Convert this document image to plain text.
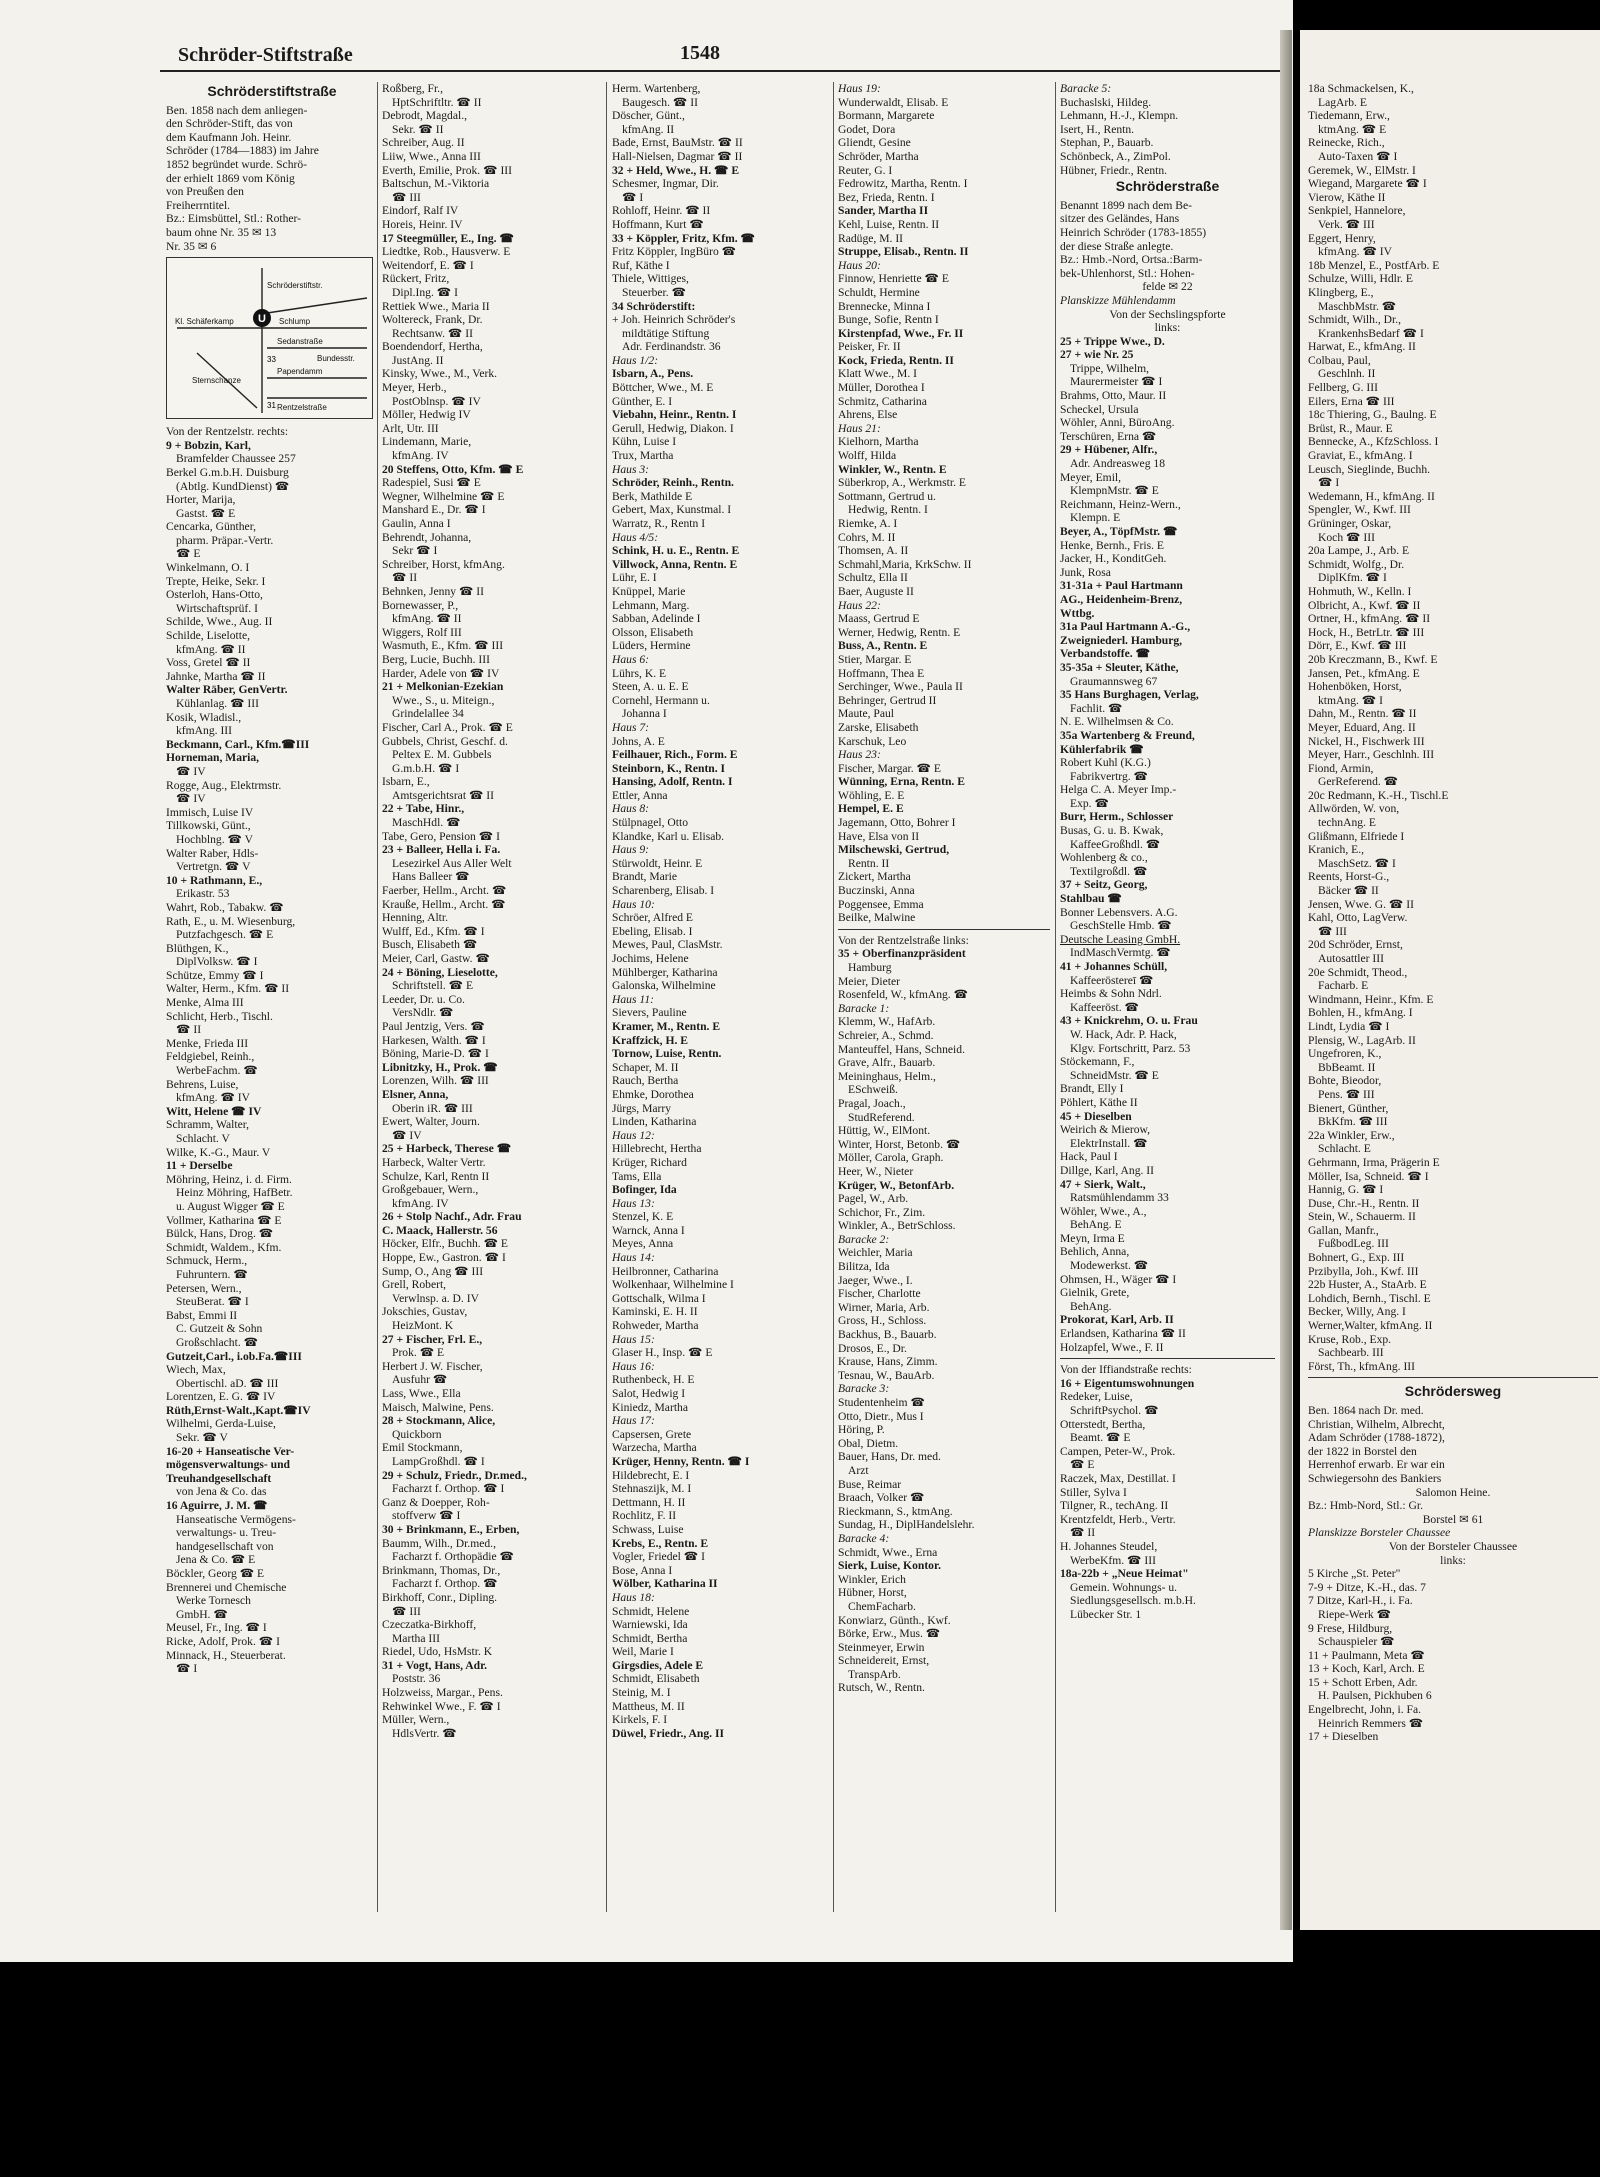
Schröder-Stiftstraße	1548
Schröderstiftstraße
Ben. 1858 nach dem anliegen-
den Schröder-Stift, das von
dem Kaufmann Joh. Heinr.
Schröder (1784—1883) im Jahre
1852 begründet wurde. Schrö-
der erhielt 1869 vom König
von Preußen den
Freiherrntitel.
Bz.: Eimsbüttel, Stl.: Rother-
baum ohne Nr. 35 ✉ 13
Nr. 35 ✉ 6
U
Kl. Schäferkamp
Schröderstiftstr.
Schlump
Sedanstraße
Papendamm
Bundesstr.
Rentzelstraße
Sternschanze
33
31
Von der Rentzelstr. rechts:
9 + Bobzin, Karl,
Bramfelder Chaussee 257
Berkel G.m.b.H. Duisburg
(Abtlg. KundDienst) ☎
Horter, Marija,
Gastst. ☎ E
Cencarka, Günther,
pharm. Präpar.-Vertr.
☎ E
Winkelmann, O. I
Trepte, Heike, Sekr. I
Osterloh, Hans-Otto,
Wirtschaftsprüf. I
Schilde, Wwe., Aug. II
Schilde, Liselotte,
kfmAng. ☎ II
Voss, Gretel ☎ II
Jahnke, Martha ☎ II
Walter Räber, GenVertr.
Kühlanlag. ☎ III
Kosik, Wladisl.,
kfmAng. III
Beckmann, Carl., Kfm.☎III
Horneman, Maria,
☎ IV
Rogge, Aug., Elektrmstr.
☎ IV
Immisch, Luise IV
Tillkowski, Günt.,
Hochblng. ☎ V
Walter Raber, Hdls-
Vertretgn. ☎ V
10 + Rathmann, E.,
Erikastr. 53
Wahrt, Rob., Tabakw. ☎
Rath, E., u. M. Wiesenburg,
Putzfachgesch. ☎ E
Blüthgen, K.,
DiplVolksw. ☎ I
Schütze, Emmy ☎ I
Walter, Herm., Kfm. ☎ II
Menke, Alma III
Schlicht, Herb., Tischl.
☎ II
Menke, Frieda III
Feldgiebel, Reinh.,
WerbeFachm. ☎
Behrens, Luise,
kfmAng. ☎ IV
Witt, Helene ☎ IV
Schramm, Walter,
Schlacht. V
Wilke, K.-G., Maur. V
11 + Derselbe
Möhring, Heinz, i. d. Firm.
Heinz Möhring, HafBetr.
u. August Wigger ☎ E
Vollmer, Katharina ☎ E
Bülck, Hans, Drog. ☎
Schmidt, Waldem., Kfm.
Schmuck, Herm.,
Fuhruntern. ☎
Petersen, Wern.,
SteuBerat. ☎ I
Babst, Emmi II
C. Gutzeit & Sohn
Großschlacht. ☎
Gutzeit,Carl., i.ob.Fa.☎III
Wiech, Max,
Obertischl. aD. ☎ III
Lorentzen, E. G. ☎ IV
Rüth,Ernst-Walt.,Kapt.☎IV
Wilhelmi, Gerda-Luise,
Sekr. ☎ V
16-20 + Hanseatische Ver-
mögensverwaltungs- und
Treuhandgesellschaft
von Jena & Co. das
16 Aguirre, J. M. ☎
Hanseatische Vermögens-
verwaltungs- u. Treu-
handgesellschaft von
Jena & Co. ☎ E
Böckler, Georg ☎ E
Brennerei und Chemische
Werke Tornesch
GmbH. ☎
Meusel, Fr., Ing. ☎ I
Ricke, Adolf, Prok. ☎ I
Minnack, H., Steuerberat.
☎ I
Roßberg, Fr.,
HptSchriftltr. ☎ II
Debrodt, Magdal.,
Sekr. ☎ II
Schreiber, Aug. II
Liiw, Wwe., Anna III
Everth, Emilie, Prok. ☎ III
Baltschun, M.-Viktoria
☎ III
Eindorf, Ralf IV
Horeis, Heinr. IV
17 Steegmüller, E., Ing. ☎
Liedtke, Rob., Hausverw. E
Weitendorf, E. ☎ I
Rückert, Fritz,
Dipl.Ing. ☎ I
Rettiek Wwe., Maria II
Woltereck, Frank, Dr.
Rechtsanw. ☎ II
Boendendorf, Hertha,
JustAng. II
Kinsky, Wwe., M., Verk.
Meyer, Herb.,
PostOblnsp. ☎ IV
Möller, Hedwig IV
Arlt, Utr. III
Lindemann, Marie,
kfmAng. IV
20 Steffens, Otto, Kfm. ☎ E
Radespiel, Susi ☎ E
Wegner, Wilhelmine ☎ E
Manshard E., Dr. ☎ I
Gaulin, Anna I
Behrendt, Johanna,
Sekr ☎ I
Schreiber, Horst, kfmAng.
☎ II
Behnken, Jenny ☎ II
Bornewasser, P.,
kfmAng. ☎ II
Wiggers, Rolf III
Wasmuth, E., Kfm. ☎ III
Berg, Lucie, Buchh. III
Harder, Adele von ☎ IV
21 + Melkonian-Ezekian
Wwe., S., u. Miteign.,
Grindelallee 34
Fischer, Carl A., Prok. ☎ E
Gubbels, Christ, Geschf. d.
Peltex E. M. Gubbels
G.m.b.H. ☎ I
Isbarn, E.,
Amtsgerichtsrat ☎ II
22 + Tabe, Hinr.,
MaschHdl. ☎
Tabe, Gero, Pension ☎ I
23 + Balleer, Hella i. Fa.
Lesezirkel Aus Aller Welt
Hans Balleer ☎
Faerber, Hellm., Archt. ☎
Krauße, Hellm., Archt. ☎
Henning, Altr.
Wulff, Ed., Kfm. ☎ I
Busch, Elisabeth ☎
Meier, Carl, Gastw. ☎
24 + Böning, Lieselotte,
Schriftstell. ☎ E
Leeder, Dr. u. Co.
VersNdlr. ☎
Paul Jentzig, Vers. ☎
Harkesen, Walth. ☎ I
Böning, Marie-D. ☎ I
Libnitzky, H., Prok. ☎
Lorenzen, Wilh. ☎ III
Elsner, Anna,
Oberin iR. ☎ III
Ewert, Walter, Journ.
☎ IV
25 + Harbeck, Therese ☎
Harbeck, Walter Vertr.
Schulze, Karl, Rentn II
Großgebauer, Wern.,
kfmAng. IV
26 + Stolp Nachf., Adr. Frau
C. Maack, Hallerstr. 56
Höcker, Elfr., Buchh. ☎ E
Hoppe, Ew., Gastron. ☎ I
Sump, O., Ang ☎ III
Grell, Robert,
Verwlnsp. a. D. IV
Jokschies, Gustav,
HeizMont. K
27 + Fischer, Frl. E.,
Prok. ☎ E
Herbert J. W. Fischer,
Ausfuhr ☎
Lass, Wwe., Ella
Maisch, Malwine, Pens.
28 + Stockmann, Alice,
Quickborn
Emil Stockmann,
LampGroßhdl. ☎ I
29 + Schulz, Friedr., Dr.med.,
Facharzt f. Orthop. ☎ I
Ganz & Doepper, Roh-
stoffverw ☎ I
30 + Brinkmann, E., Erben,
Baumm, Wilh., Dr.med.,
Facharzt f. Orthopädie ☎
Brinkmann, Thomas, Dr.,
Facharzt f. Orthop. ☎
Birkhoff, Conr., Dipling.
☎ III
Czeczatka-Birkhoff,
Martha III
Riedel, Udo, HsMstr. K
31 + Vogt, Hans, Adr.
Poststr. 36
Holzweiss, Margar., Pens.
Rehwinkel Wwe., F. ☎ I
Müller, Wern.,
HdlsVertr. ☎
Herm. Wartenberg,
Baugesch. ☎ II
Döscher, Günt.,
kfmAng. II
Bade, Ernst, BauMstr. ☎ II
Hall-Nielsen, Dagmar ☎ II
32 + Held, Wwe., H. ☎ E
Schesmer, Ingmar, Dir.
☎ I
Rohloff, Heinr. ☎ II
Hoffmann, Kurt ☎
33 + Köppler, Fritz, Kfm. ☎
Fritz Köppler, IngBüro ☎
Ruf, Käthe I
Thiele, Wittiges,
Steuerber. ☎
34 Schröderstift:
+ Joh. Heinrich Schröder's
mildtätige Stiftung
Adr. Ferdinandstr. 36
Haus 1/2:
Isbarn, A., Pens.
Böttcher, Wwe., M. E
Günther, E. I
Viebahn, Heinr., Rentn. I
Gerull, Hedwig, Diakon. I
Kühn, Luise I
Trux, Martha
Haus 3:
Schröder, Reinh., Rentn.
Berk, Mathilde E
Gebert, Max, Kunstmal. I
Warratz, R., Rentn I
Haus 4/5:
Schink, H. u. E., Rentn. E
Villwock, Anna, Rentn. E
Lühr, E. I
Knüppel, Marie
Lehmann, Marg.
Sabban, Adelinde I
Olsson, Elisabeth
Lüders, Hermine
Haus 6:
Lührs, K. E
Steen, A. u. E. E
Cornehl, Hermann u.
Johanna I
Haus 7:
Johns, A. E
Feilhauer, Rich., Form. E
Steinborn, K., Rentn. I
Hansing, Adolf, Rentn. I
Ettler, Anna
Haus 8:
Stülpnagel, Otto
Klandke, Karl u. Elisab.
Haus 9:
Stürwoldt, Heinr. E
Brandt, Marie
Scharenberg, Elisab. I
Haus 10:
Schröer, Alfred E
Ebeling, Elisab. I
Mewes, Paul, ClasMstr.
Jochims, Helene
Mühlberger, Katharina
Galonska, Wilhelmine
Haus 11:
Sievers, Pauline
Kramer, M., Rentn. E
Kraffzick, H. E
Tornow, Luise, Rentn.
Schaper, M. II
Rauch, Bertha
Ehmke, Dorothea
Jürgs, Marry
Linden, Katharina
Haus 12:
Hillebrecht, Hertha
Krüger, Richard
Tams, Ella
Bofinger, Ida
Haus 13:
Stenzel, K. E
Warnck, Anna I
Meyes, Anna
Haus 14:
Heilbronner, Catharina
Wolkenhaar, Wilhelmine I
Gottschalk, Wilma I
Kaminski, E. H. II
Rohweder, Martha
Haus 15:
Glaser H., Insp. ☎ E
Haus 16:
Ruthenbeck, H. E
Salot, Hedwig I
Kiniedz, Martha
Haus 17:
Capsersen, Grete
Warzecha, Martha
Krüger, Henny, Rentn. ☎ I
Hildebrecht, E. I
Stehnaszijk, M. I
Dettmann, H. II
Rochlitz, F. II
Schwass, Luise
Krebs, E., Rentn. E
Vogler, Friedel ☎ I
Bose, Anna I
Wölber, Katharina II
Haus 18:
Schmidt, Helene
Warniewski, Ida
Schmidt, Bertha
Weil, Marie I
Girgsdies, Adele E
Schmidt, Elisabeth
Steinig, M. I
Mattheus, M. II
Kirkels, F. I
Düwel, Friedr., Ang. II
Haus 19:
Wunderwaldt, Elisab. E
Bormann, Margarete
Godet, Dora
Gliendt, Gesine
Schröder, Martha
Reuter, G. I
Fedrowitz, Martha, Rentn. I
Bez, Frieda, Rentn. I
Sander, Martha II
Kehl, Luise, Rentn. II
Radüge, M. II
Struppe, Elisab., Rentn. II
Haus 20:
Finnow, Henriette ☎ E
Schuldt, Hermine
Brennecke, Minna I
Bunge, Sofie, Rentn I
Kirstenpfad, Wwe., Fr. II
Peisker, Fr. II
Kock, Frieda, Rentn. II
Klatt Wwe., M. I
Müller, Dorothea I
Schmitz, Catharina
Ahrens, Else
Haus 21:
Kielhorn, Martha
Wolff, Hilda
Winkler, W., Rentn. E
Süberkrop, A., Werkmstr. E
Sottmann, Gertrud u.
Hedwig, Rentn. I
Riemke, A. I
Cohrs, M. II
Thomsen, A. II
Schmahl,Maria, KrkSchw. II
Schultz, Ella II
Baer, Auguste II
Haus 22:
Maass, Gertrud E
Werner, Hedwig, Rentn. E
Buss, A., Rentn. E
Stier, Margar. E
Hoffmann, Thea E
Serchinger, Wwe., Paula II
Behringer, Gertrud II
Maute, Paul
Zarske, Elisabeth
Karschuk, Leo
Haus 23:
Fischer, Margar. ☎ E
Wünning, Erna, Rentn. E
Wöhling, E. E
Hempel, E. E
Jagemann, Otto, Bohrer I
Have, Elsa von II
Milschewski, Gertrud,
Rentn. II
Zickert, Martha
Buczinski, Anna
Poggensee, Emma
Beilke, Malwine
Von der Rentzelstraße links:
35 + Oberfinanzpräsident
Hamburg
Meier, Dieter
Rosenfeld, W., kfmAng. ☎
Baracke 1:
Klemm, W., HafArb.
Schreier, A., Schmd.
Manteuffel, Hans, Schneid.
Grave, Alfr., Bauarb.
Meininghaus, Helm.,
ESchweiß.
Pragal, Joach.,
StudReferend.
Hüttig, W., ElMont.
Winter, Horst, Betonb. ☎
Möller, Carola, Graph.
Heer, W., Nieter
Krüger, W., BetonfArb.
Pagel, W., Arb.
Schichor, Fr., Zim.
Winkler, A., BetrSchloss.
Baracke 2:
Weichler, Maria
Bilitza, Ida
Jaeger, Wwe., I.
Fischer, Charlotte
Wirner, Maria, Arb.
Gross, H., Schloss.
Backhus, B., Bauarb.
Drosos, E., Dr.
Krause, Hans, Zimm.
Tesnau, W., BauArb.
Baracke 3:
Studentenheim ☎
Otto, Dietr., Mus I
Höring, P.
Obal, Dietm.
Bauer, Hans, Dr. med.
Arzt
Buse, Reimar
Braach, Volker ☎
Rieckmann, S., ktmAng.
Sundag, H., DiplHandelslehr.
Baracke 4:
Schmidt, Wwe., Erna
Sierk, Luise, Kontor.
Winkler, Erich
Hübner, Horst,
ChemFacharb.
Konwiarz, Günth., Kwf.
Börke, Erw., Mus. ☎
Steinmeyer, Erwin
Schneidereit, Ernst,
TranspArb.
Rutsch, W., Rentn.
Baracke 5:
Buchaslski, Hildeg.
Lehmann, H.-J., Klempn.
Isert, H., Rentn.
Stephan, P., Bauarb.
Schönbeck, A., ZimPol.
Hübner, Friedr., Rentn.
Schröderstraße
Benannt 1899 nach dem Be-
sitzer des Geländes, Hans
Heinrich Schröder (1783-1855)
der diese Straße anlegte.
Bz.: Hmb.-Nord, Ortsa.:Barm-
bek-Uhlenhorst, Stl.: Hohen-
felde ✉ 22
Planskizze Mühlendamm
Von der Sechslingspforte
links:
25 + Trippe Wwe., D.
27 + wie Nr. 25
Trippe, Wilhelm,
Maurermeister ☎ I
Brahms, Otto, Maur. II
Scheckel, Ursula
Wöhler, Anni, BüroAng.
Terschüren, Erna ☎
29 + Hübener, Alfr.,
Adr. Andreasweg 18
Meyer, Emil,
KlempnMstr. ☎ E
Reichmann, Heinz-Wern.,
Klempn. E
Beyer, A., TöpfMstr. ☎
Henke, Bernh., Fris. E
Jacker, H., KonditGeh.
Junk, Rosa
31-31a + Paul Hartmann
AG., Heidenheim-Brenz,
Wttbg.
31a Paul Hartmann A.-G.,
Zweigniederl. Hamburg,
Verbandstoffe. ☎
35-35a + Sleuter, Käthe,
Graumannsweg 67
35 Hans Burghagen, Verlag,
Fachlit. ☎
N. E. Wilhelmsen & Co.
35a Wartenberg & Freund,
Kühlerfabrik ☎
Robert Kuhl (K.G.)
Fabrikvertrg. ☎
Helga C. A. Meyer Imp.-
Exp. ☎
Burr, Herm., Schlosser
Busas, G. u. B. Kwak,
KaffeeGroßhdl. ☎
Wohlenberg & co.,
Textilgroßdl. ☎
37 + Seitz, Georg,
Stahlbau ☎
Bonner Lebensvers. A.G.
GeschStelle Hmb. ☎
Deutsche Leasing GmbH.
IndMaschVermtg. ☎
41 + Johannes Schüll,
Kaffeeröstereī ☎
Heimbs & Sohn Ndrl.
Kaffeeröst. ☎
43 + Knickrehm, O. u. Frau
W. Hack, Adr. P. Hack,
Klgv. Fortschritt, Parz. 53
Stöckemann, F.,
SchneidMstr. ☎ E
Brandt, Elly I
Pöhlert, Käthe II
45 + Dieselben
Weirich & Mierow,
ElektrInstall. ☎
Hack, Paul I
Dillge, Karl, Ang. II
47 + Sierk, Walt.,
Ratsmühlendamm 33
Wöhler, Wwe., A.,
BehAng. E
Meyn, Irma E
Behlich, Anna,
Modewerkst. ☎
Ohmsen, H., Wäger ☎ I
Gielnik, Grete,
BehAng.
Prokorat, Karl, Arb. II
Erlandsen, Katharina ☎ II
Holzapfel, Wwe., F. II
Von der Iffiandstraße rechts:
16 + Eigentumswohnungen
Redeker, Luise,
SchriftPsychol. ☎
Otterstedt, Bertha,
Beamt. ☎ E
Campen, Peter-W., Prok.
☎ E
Raczek, Max, Destillat. I
Stiller, Sylva I
Tilgner, R., techAng. II
Krentzfeldt, Herb., Vertr.
☎ II
H. Johannes Steudel,
WerbeKfm. ☎ III
18a-22b + „Neue Heimat"
Gemein. Wohnungs- u.
Siedlungsgesellsch. m.b.H.
Lübecker Str. 1
18a Schmackelsen, K.,
LagArb. E
Tiedemann, Erw.,
ktmAng. ☎ E
Reinecke, Rich.,
Auto-Taxen ☎ I
Geremek, W., ElMstr. I
Wiegand, Margarete ☎ I
Vierow, Käthe II
Senkpiel, Hannelore,
Verk. ☎ III
Eggert, Henry,
kfmAng. ☎ IV
18b Menzel, E., PostfArb. E
Schulze, Willi, Hdlr. E
Klingberg, E.,
MaschbMstr. ☎
Schmidt, Wilh., Dr.,
KrankenhsBedarf ☎ I
Harwat, E., kfmAng. II
Colbau, Paul,
Geschlnh. II
Fellberg, G. III
Eilers, Erna ☎ III
18c Thiering, G., Baulng. E
Brüst, R., Maur. E
Bennecke, A., KfzSchloss. I
Graviat, E., kfmAng. I
Leusch, Sieglinde, Buchh.
☎ I
Wedemann, H., kfmAng. II
Spengler, W., Kwf. III
Grüninger, Oskar,
Koch ☎ III
20a Lampe, J., Arb. E
Schmidt, Wolfg., Dr.
DiplKfm. ☎ I
Hohmuth, W., Kelln. I
Olbricht, A., Kwf. ☎ II
Ortner, H., kfmAng. ☎ II
Hock, H., BetrLtr. ☎ III
Dörr, E., Kwf. ☎ III
20b Kreczmann, B., Kwf. E
Jansen, Pet., kfmAng. E
Hohenböken, Horst,
ktmAng. ☎ I
Dahn, M., Rentn. ☎ II
Meyer, Eduard, Ang. II
Nickel, H., Fischwerk III
Meyer, Harr., Geschlnh. III
Fiond, Armin,
GerReferend. ☎
20c Redmann, K.-H., Tischl.E
Allwörden, W. von,
technAng. E
Glißmann, Elfriede I
Kranich, E.,
MaschSetz. ☎ I
Reents, Horst-G.,
Bäcker ☎ II
Jensen, Wwe. G. ☎ II
Kahl, Otto, LagVerw.
☎ III
20d Schröder, Ernst,
Autosattler III
20e Schmidt, Theod.,
Facharb. E
Windmann, Heinr., Kfm. E
Bohlen, H., kfmAng. I
Lindt, Lydia ☎ I
Plensig, W., LagArb. II
Ungefroren, K.,
BbBeamt. II
Bohte, Bieodor,
Pens. ☎ III
Bienert, Günther,
BkKfm. ☎ III
22a Winkler, Erw.,
Schlacht. E
Gehrmann, Irma, Prägerin E
Möller, Isa, Schneid. ☎ I
Hannig, G. ☎ I
Duse, Chr.-H., Rentn. II
Stein, W., Schauerm. II
Gallan, Manfr.,
FußbodLeg. III
Bohnert, G., Exp. III
Przibylla, Joh., Kwf. III
22b Huster, A., StaArb. E
Lohdich, Bernh., Tischl. E
Becker, Willy, Ang. I
Werner,Walter, kfmAng. II
Kruse, Rob., Exp.
Sachbearb. III
Först, Th., kfmAng. III
Schrödersweg
Ben. 1864 nach Dr. med.
Christian, Wilhelm, Albrecht,
Adam Schröder (1788-1872),
der 1822 in Borstel den
Herrenhof erwarb. Er war ein
Schwiegersohn des Bankiers
Salomon Heine.
Bz.: Hmb-Nord, Stl.: Gr.
Borstel ✉ 61
Planskizze Borsteler Chaussee
Von der Borsteler Chaussee
links:
5 Kirche „St. Peter"
7-9 + Ditze, K.-H., das. 7
7 Ditze, Karl-H., i. Fa.
Riepe-Werk ☎
9 Frese, Hildburg,
Schauspieler ☎
11 + Paulmann, Meta ☎
13 + Koch, Karl, Arch. E
15 + Schott Erben, Adr.
H. Paulsen, Pickhuben 6
Engelbrecht, John, i. Fa.
Heinrich Remmers ☎
17 + Dieselben
